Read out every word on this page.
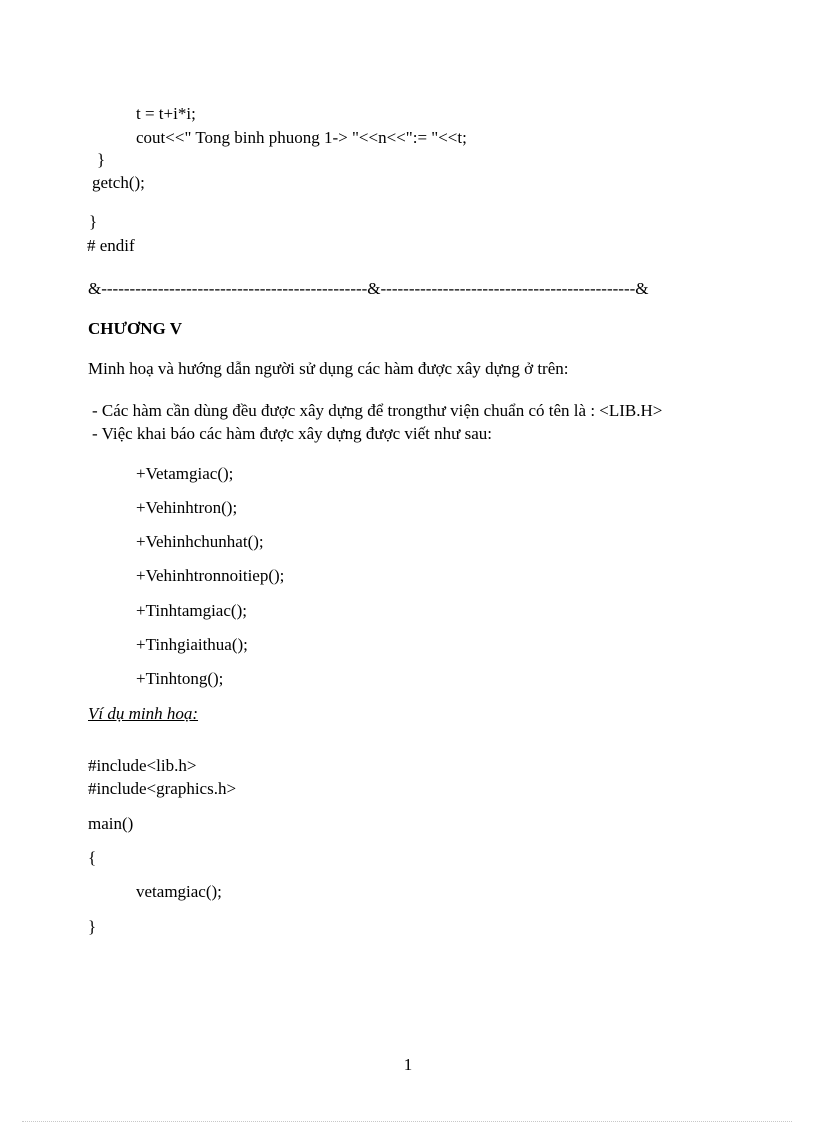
t = t+i*i;
cout<<" Tong binh phuong 1-> "<<n<<":= "<<t;
}
getch();
}
# endif
&-----------------------------------------------&---------------------------------------------&
CHƯƠNG V
Minh hoạ và hướng dẫn người sử dụng các hàm được xây dựng ở trên:
- Các hàm cần dùng đều được xây dựng để trongthư viện chuẩn có tên là : <LIB.H>
- Việc khai báo các hàm được xây dựng được viết như sau:
+Vetamgiac();
+Vehinhtron();
+Vehinhchunhat();
+Vehinhtronnoitiep();
+Tinhtamgiac();
+Tinhgiaithua();
+Tinhtong();
Ví dụ minh hoạ:
#include<lib.h>
#include<graphics.h>
main()
{
vetamgiac();
}
1
